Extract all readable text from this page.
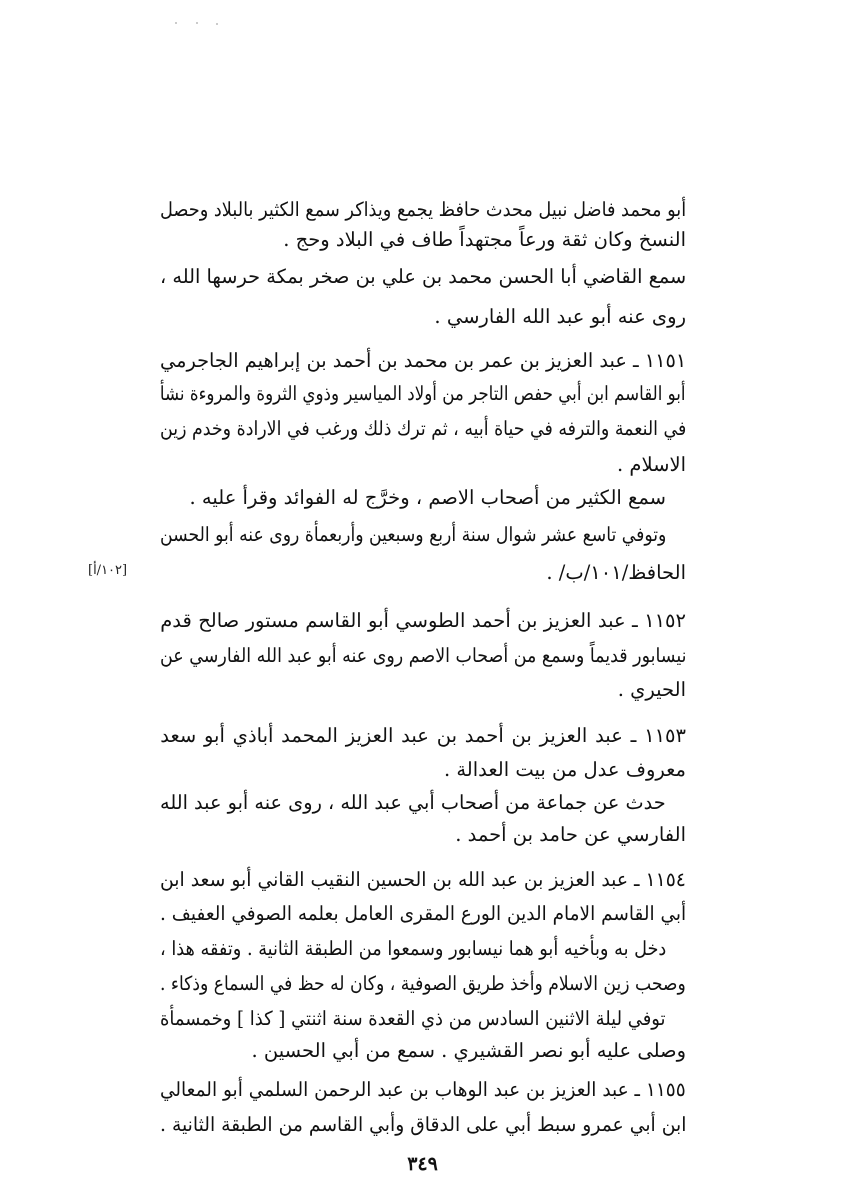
أبو محمد فاضل نبيل محدث حافظ يجمع ويذاكر سمع الكثير بالبلاد وحصل
النسخ وكان ثقة ورعاً مجتهداً طاف في البلاد وحج .
سمع القاضي أبا الحسن محمد بن علي بن صخر بمكة حرسها الله ،
روى عنه أبو عبد الله الفارسي .
١١٥١ ـ عبد العزيز بن عمر بن محمد بن أحمد بن إبراهيم الجاجرمي
أبو القاسم ابن أبي حفص التاجر من أولاد المياسير وذوي الثروة والمروءة نشأ
في النعمة والترفه في حياة أبيه ، ثم ترك ذلك ورغب في الارادة وخدم زين
الاسلام .
سمع الكثير من أصحاب الاصم ، وخرَّج له الفوائد وقرأ عليه .
وتوفي تاسع عشر شوال سنة أربع وسبعين وأربعمأة روى عنه أبو الحسن
الحافظ/١٠١/ب/ .
١١٥٢ ـ عبد العزيز بن أحمد الطوسي أبو القاسم مستور صالح قدم
نيسابور قديماً وسمع من أصحاب الاصم روى عنه أبو عبد الله الفارسي عن
الحيري .
١١٥٣ ـ عبد العزيز بن أحمد بن عبد العزيز المحمد أباذي أبو سعد
معروف عدل من بيت العدالة .
حدث عن جماعة من أصحاب أبي عبد الله ، روى عنه أبو عبد الله
الفارسي عن حامد بن أحمد .
١١٥٤ ـ عبد العزيز بن عبد الله بن الحسين النقيب القاني أبو سعد ابن
أبي القاسم الامام الدين الورع المقرى العامل بعلمه الصوفي العفيف .
دخل به وبأخيه أبو هما نيسابور وسمعوا من الطبقة الثانية . وتفقه هذا ،
وصحب زين الاسلام وأخذ طريق الصوفية ، وكان له حظ في السماع وذكاء .
توفي ليلة الاثنين السادس من ذي القعدة سنة اثنتي [ كذا ] وخمسمأة
وصلى عليه أبو نصر القشيري . سمع من أبي الحسين .
١١٥٥ ـ عبد العزيز بن عبد الوهاب بن عبد الرحمن السلمي أبو المعالي
ابن أبي عمرو سبط أبي على الدقاق وأبي القاسم من الطبقة الثانية .
[١٠٢/أ]
٣٤٩
